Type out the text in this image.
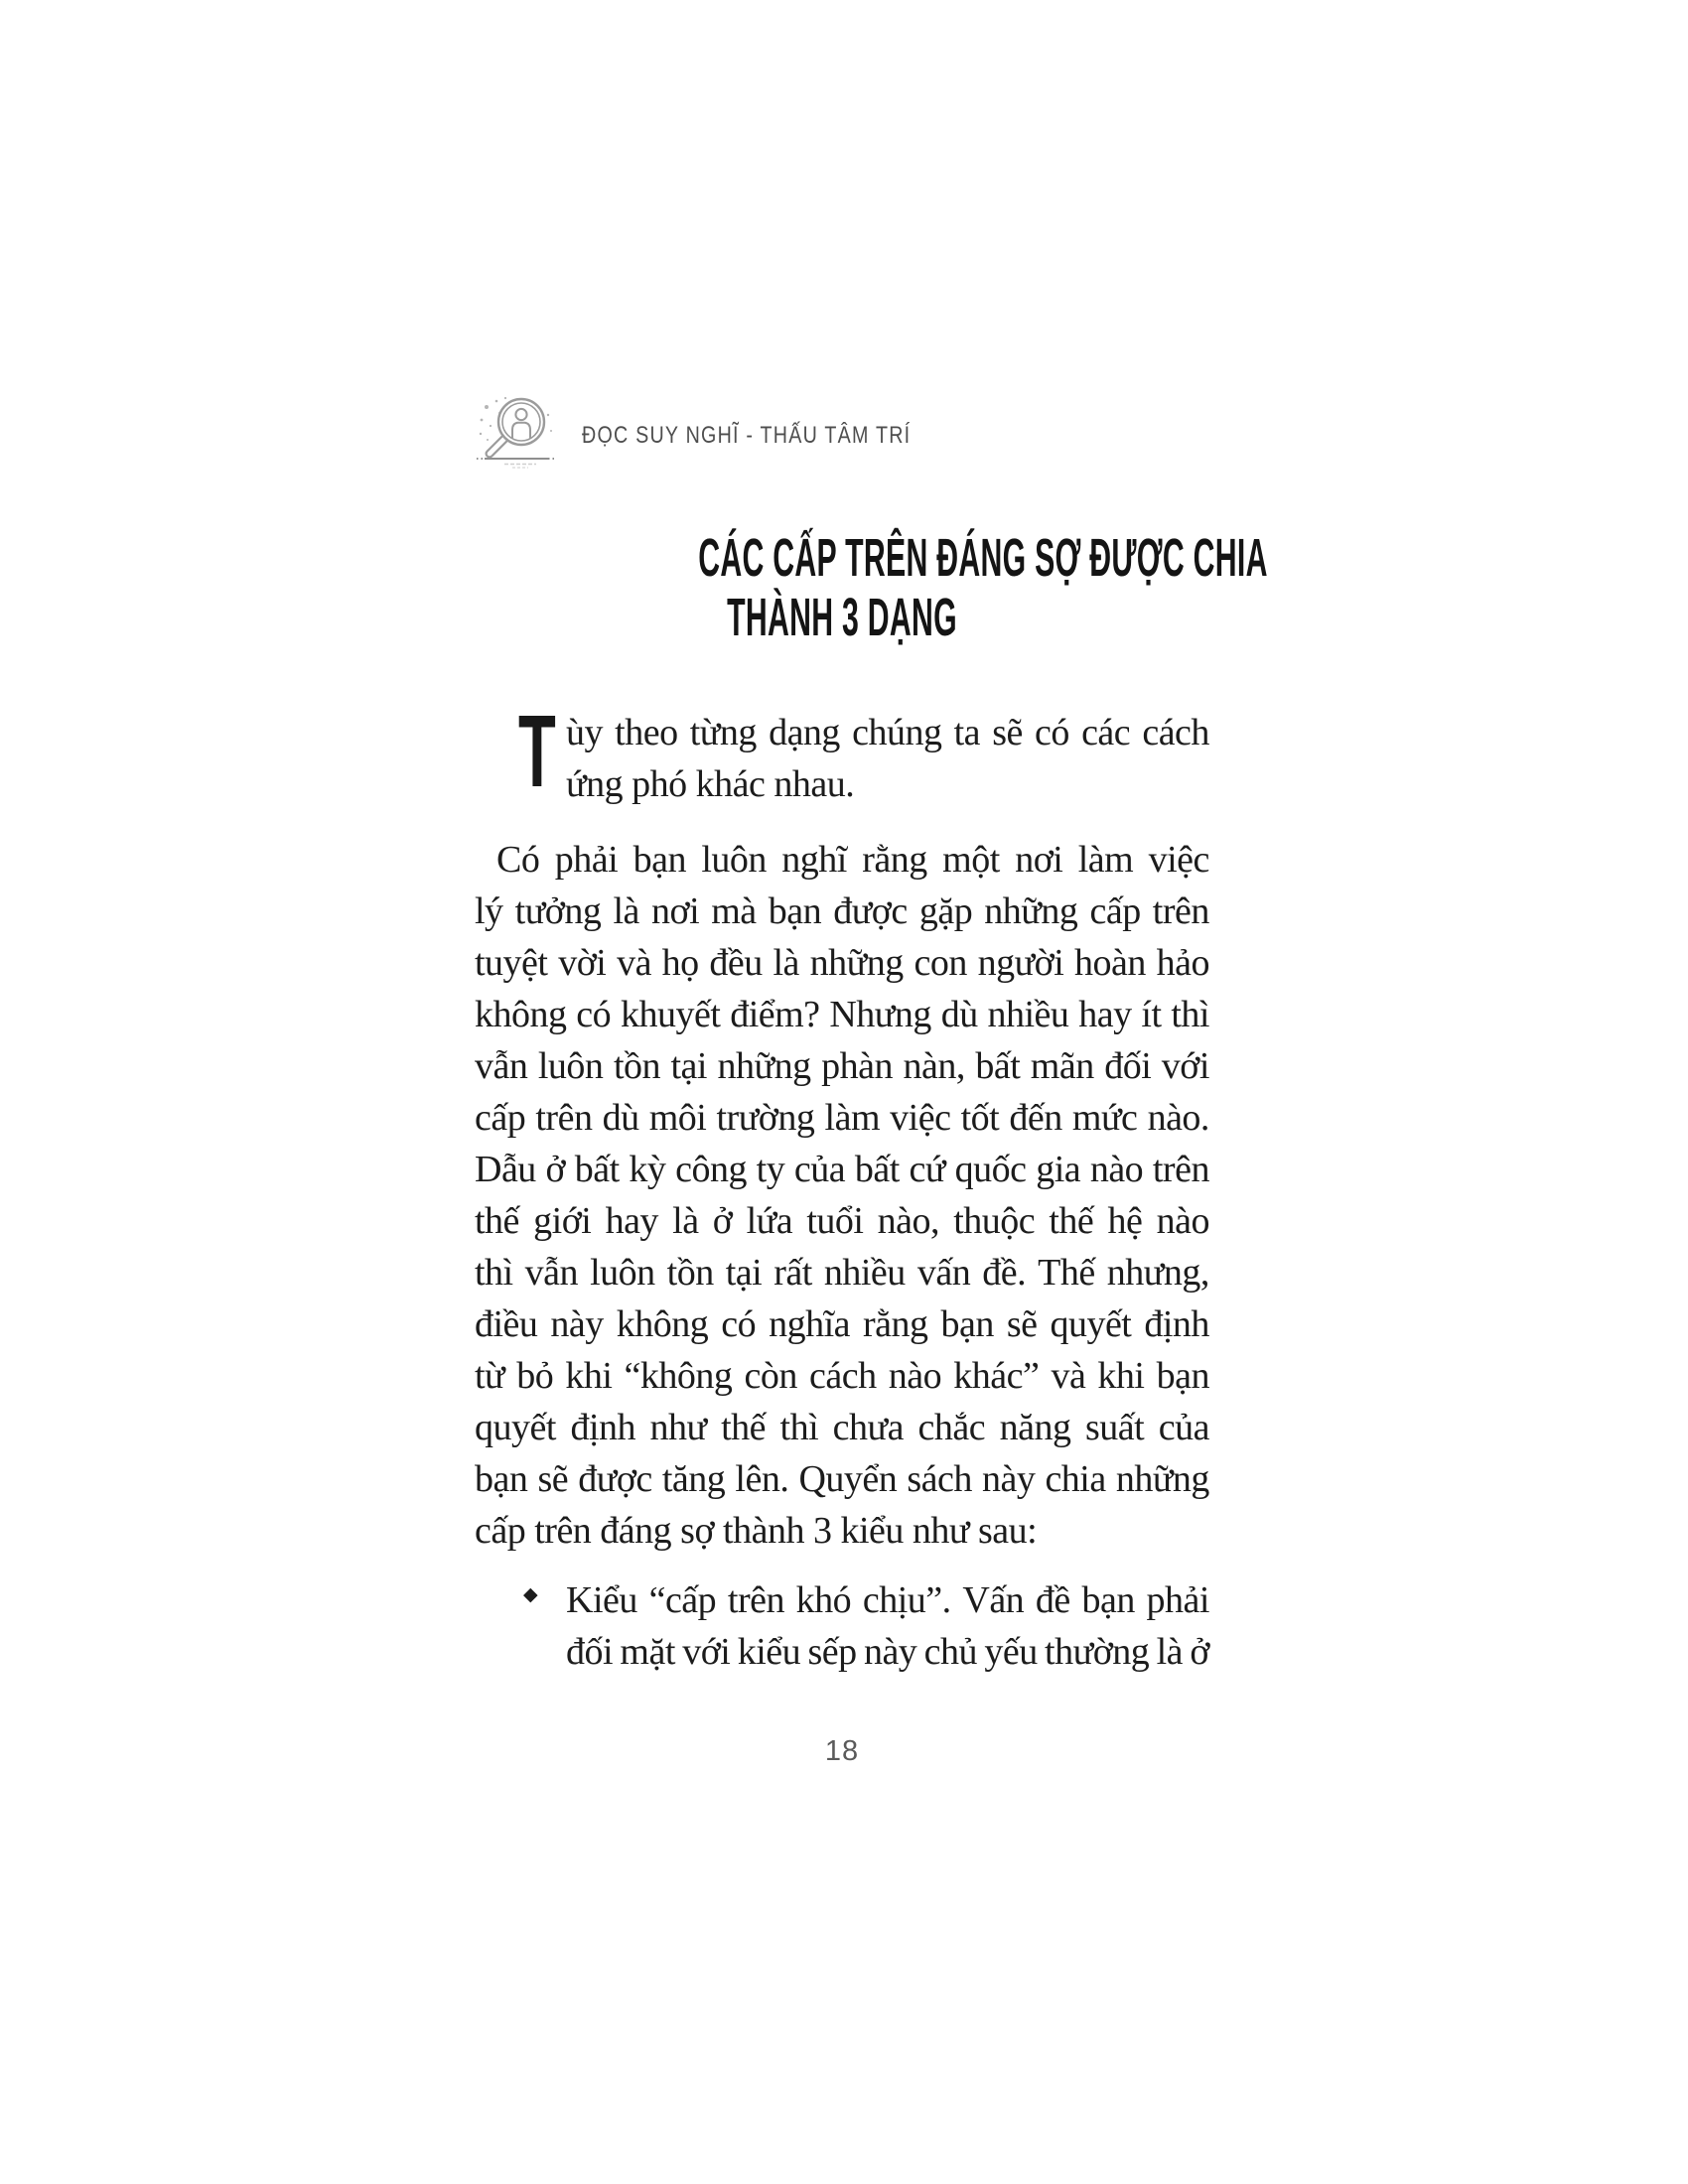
ĐỌC SUY NGHĨ - THẤU TÂM TRÍ
CÁC CẤP TRÊN ĐÁNG SỢ ĐƯỢC CHIA
THÀNH 3 DẠNG
T ùy theo từng dạng chúng ta sẽ có các cách
ứng phó khác nhau.
Có phải bạn luôn nghĩ rằng một nơi làm việc
lý tưởng là nơi mà bạn được gặp những cấp trên
tuyệt vời và họ đều là những con người hoàn hảo
không có khuyết điểm? Nhưng dù nhiều hay ít thì
vẫn luôn tồn tại những phàn nàn, bất mãn đối với
cấp trên dù môi trường làm việc tốt đến mức nào.
Dẫu ở bất kỳ công ty của bất cứ quốc gia nào trên
thế giới hay là ở lứa tuổi nào, thuộc thế hệ nào
thì vẫn luôn tồn tại rất nhiều vấn đề. Thế nhưng,
điều này không có nghĩa rằng bạn sẽ quyết định
từ bỏ khi “không còn cách nào khác” và khi bạn
quyết định như thế thì chưa chắc năng suất của
bạn sẽ được tăng lên. Quyển sách này chia những
cấp trên đáng sợ thành 3 kiểu như sau:
◆ Kiểu “cấp trên khó chịu”. Vấn đề bạn phải
đối mặt với kiểu sếp này chủ yếu thường là ở
18
